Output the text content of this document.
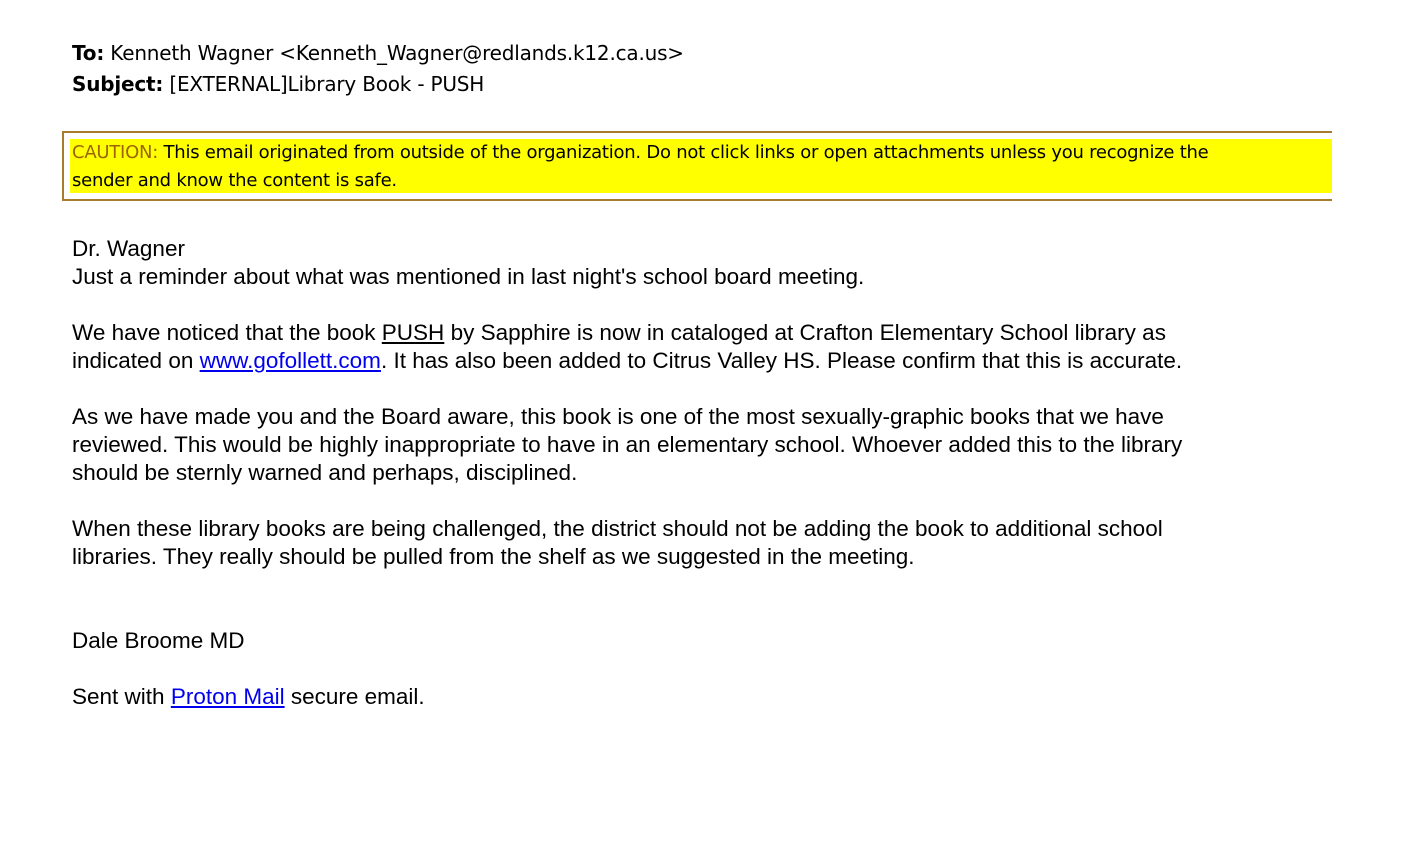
To: Kenneth Wagner <Kenneth_Wagner@redlands.k12.ca.us>
Subject: [EXTERNAL]Library Book - PUSH
CAUTION: This email originated from outside of the organization. Do not click links or open attachments unless you recognize the
sender and know the content is safe.

Dr. Wagner

Just a reminder about what was mentioned in last night's school board meeting.

We have noticed that the book PUSH by Sapphire is now in cataloged at Crafton Elementary School library as

indicated on www.gofollett.com. It has also been added to Citrus Valley HS. Please confirm that this is accurate.

As we have made you and the Board aware, this book is one of the most sexually-graphic books that we have

reviewed. This would be highly inappropriate to have in an elementary school. Whoever added this to the library

should be sternly warned and perhaps, disciplined.

When these library books are being challenged, the district should not be adding the book to additional school

libraries. They really should be pulled from the shelf as we suggested in the meeting.

Dale Broome MD

Sent with Proton Mail secure email.
